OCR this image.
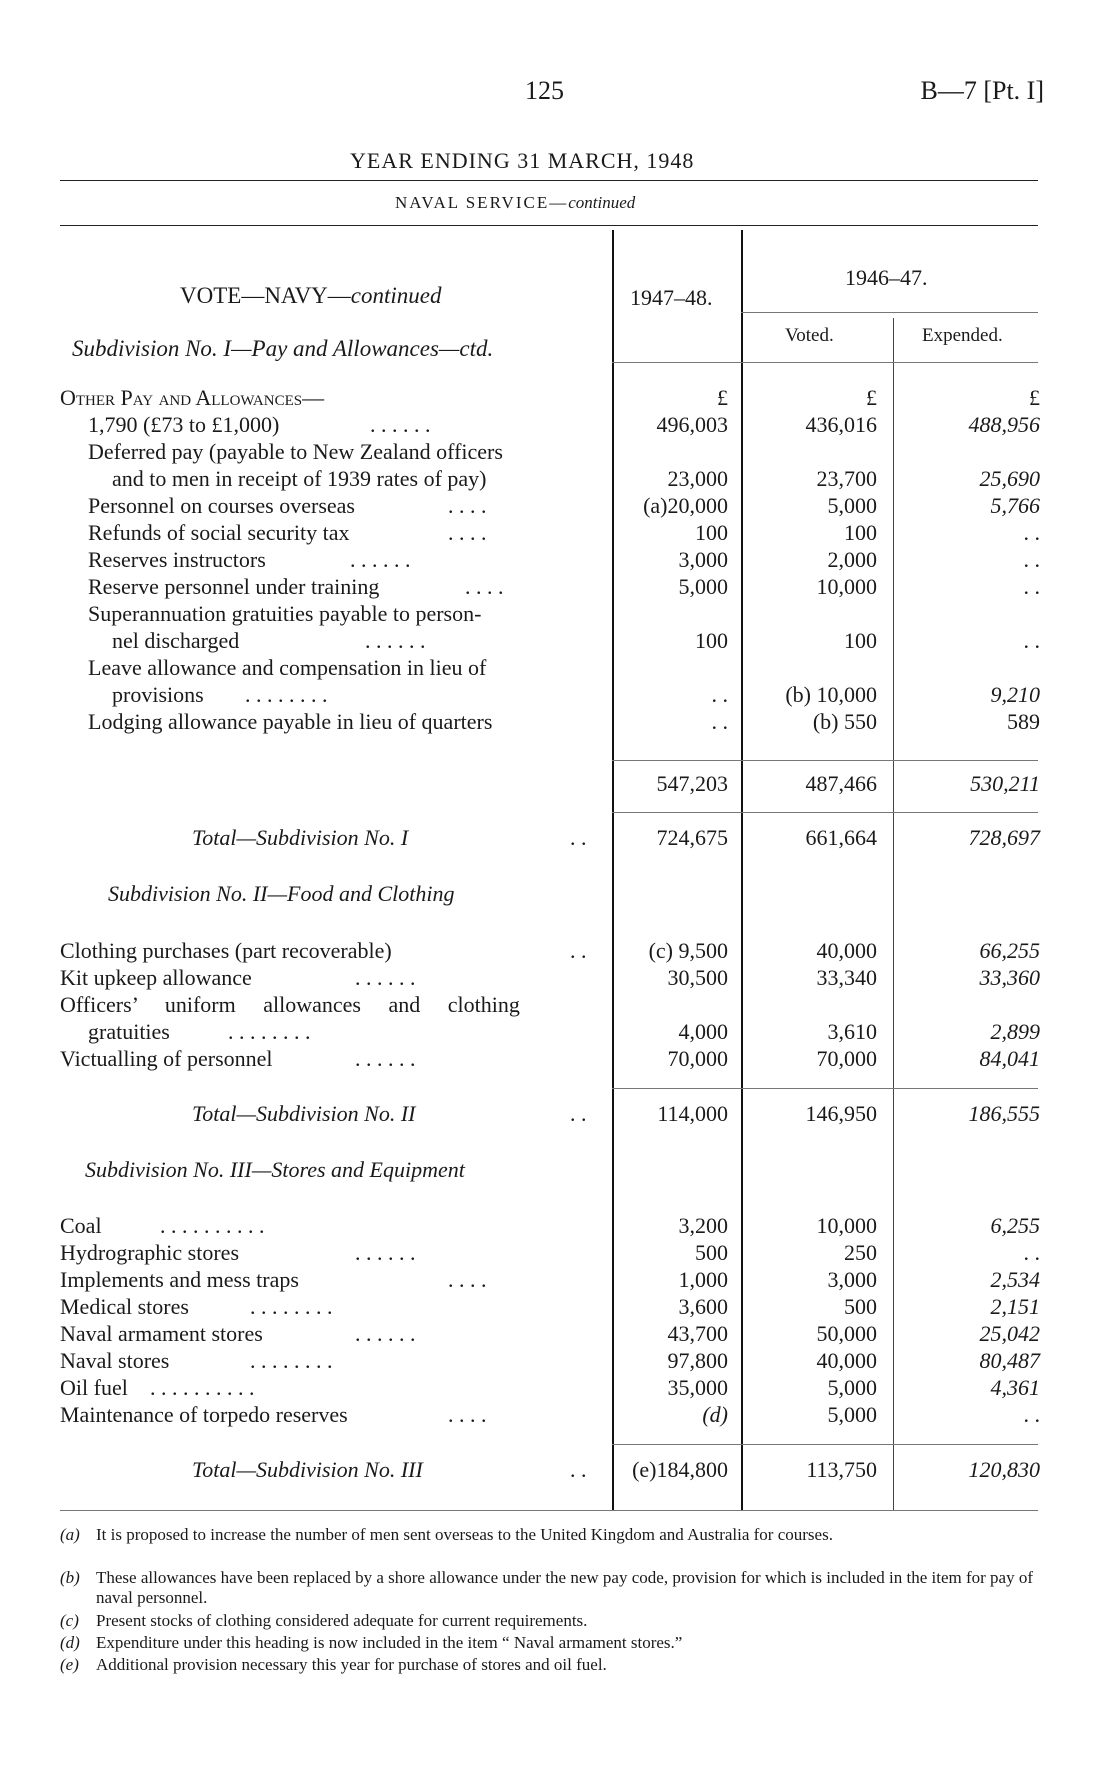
125	B—7 [Pt. I]
YEAR ENDING 31 MARCH, 1948
NAVAL SERVICE—continued
VOTE—NAVY—continued
Subdivision No. I—Pay and Allowances—ctd.
1947–48.
1946–47.
Voted.	Expended.
Other Pay and Allowances—	£	£	£
1,790 (£73 to £1,000)	. . . . . .	496,003	436,016	488,956
Deferred pay (payable to New Zealand officers
and to men in receipt of 1939 rates of pay)	23,000	23,700	25,690
Personnel on courses overseas	. . . .	(a)20,000	5,000	5,766
Refunds of social security tax	. . . .	100	100	. .
Reserves instructors	. . . . . .	3,000	2,000	. .
Reserve personnel under training	. . . .	5,000	10,000	. .
Superannuation gratuities payable to person-
nel discharged	. . . . . .	100	100	. .
Leave allowance and compensation in lieu of
provisions . . . . . . . .	. .	(b) 10,000	9,210
Lodging allowance payable in lieu of quarters	. .	(b) 550	589
547,203	487,466	530,211
Total—Subdivision No. I	. .	724,675	661,664	728,697
Subdivision No. II—Food and Clothing
Clothing purchases (part recoverable)	. .	(c) 9,500	40,000	66,255
Kit upkeep allowance	. . . . . .	30,500	33,340	33,360
Officers’ uniform allowances and clothing
gratuities	. . . . . . . .	4,000	3,610	2,899
Victualling of personnel	. . . . . .	70,000	70,000	84,041
Total—Subdivision No. II	. .	114,000	146,950	186,555
Subdivision No. III—Stores and Equipment
Coal	. . . . . . . . . .	3,200	10,000	6,255
Hydrographic stores	. . . . . .	500	250	. .
Implements and mess traps	. . . .	1,000	3,000	2,534
Medical stores	. . . . . . . .	3,600	500	2,151
Naval armament stores	. . . . . .	43,700	50,000	25,042
Naval stores	. . . . . . . .	97,800	40,000	80,487
Oil fuel . . . . . . . . . .	35,000	5,000	4,361
Maintenance of torpedo reserves	. . . .	(d)	5,000	. .
Total—Subdivision No. III	. . (e)184,800	113,750	120,830
(a) It is proposed to increase the number of men sent overseas to the United Kingdom and Australia for courses.
(b) These allowances have been replaced by a shore allowance under the new pay code, provision for which is included in the item for pay of naval personnel.
(c)	Present stocks of clothing considered adequate for current requirements.
(d) Expenditure under this heading is now included in the item “ Naval armament stores.”
(e)	Additional provision necessary this year for purchase of stores and oil fuel.
